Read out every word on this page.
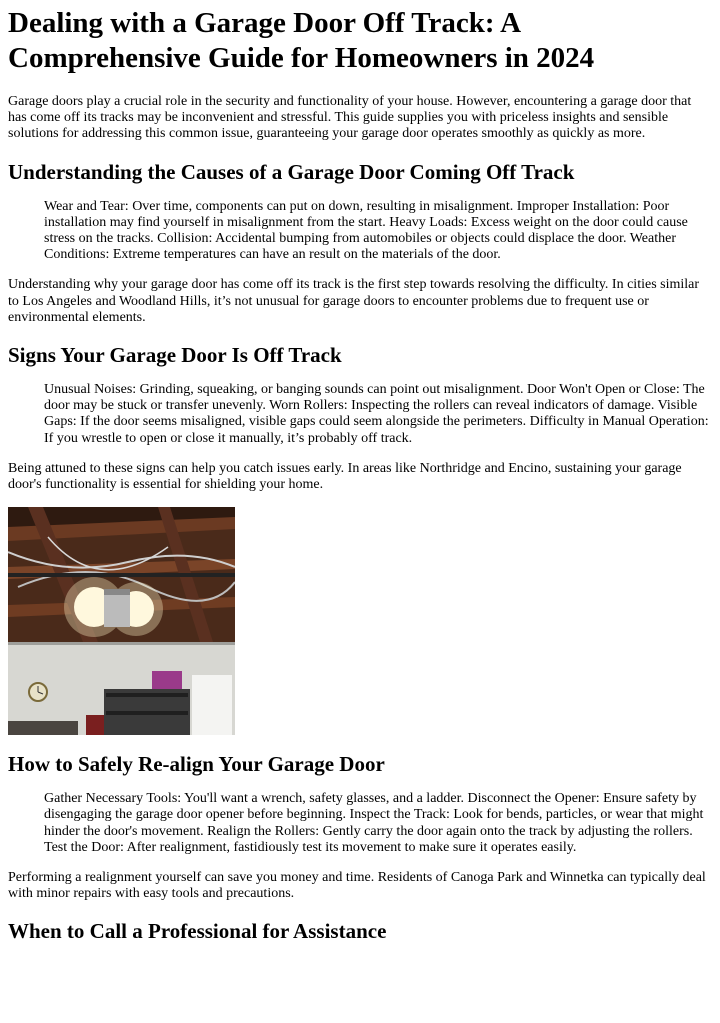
Dealing with a Garage Door Off Track: A Comprehensive Guide for Homeowners in 2024

Garage doors play a crucial role in the security and functionality of your house. However, encountering a garage door that has come off its tracks may be inconvenient and stressful. This guide supplies you with priceless insights and sensible solutions for addressing this common issue, guaranteeing your garage door operates smoothly as quickly as more.

Understanding the Causes of a Garage Door Coming Off Track
Wear and Tear: Over time, components can put on down, resulting in misalignment. Improper Installation: Poor installation may find yourself in misalignment from the start. Heavy Loads: Excess weight on the door could cause stress on the tracks. Collision: Accidental bumping from automobiles or objects could displace the door. Weather Conditions: Extreme temperatures can have an result on the materials of the door.

Understanding why your garage door has come off its track is the first step towards resolving the difficulty. In cities similar to Los Angeles and Woodland Hills, it’s not unusual for garage doors to encounter problems due to frequent use or environmental elements.

Signs Your Garage Door Is Off Track
Unusual Noises: Grinding, squeaking, or banging sounds can point out misalignment. Door Won't Open or Close: The door may be stuck or transfer unevenly. Worn Rollers: Inspecting the rollers can reveal indicators of damage. Visible Gaps: If the door seems misaligned, visible gaps could seem alongside the perimeters. Difficulty in Manual Operation: If you wrestle to open or close it manually, it’s probably off track.

Being attuned to these signs can help you catch issues early. In areas like Northridge and Encino, sustaining your garage door's functionality is essential for shielding your home.

How to Safely Re-align Your Garage Door
Gather Necessary Tools: You'll want a wrench, safety glasses, and a ladder. Disconnect the Opener: Ensure safety by disengaging the garage door opener before beginning. Inspect the Track: Look for bends, particles, or wear that might hinder the door's movement. Realign the Rollers: Gently carry the door again onto the track by adjusting the rollers. Test the Door: After realignment, fastidiously test its movement to make sure it operates easily.

Performing a realignment yourself can save you money and time. Residents of Canoga Park and Winnetka can typically deal with minor repairs with easy tools and precautions.

When to Call a Professional for Assistance
